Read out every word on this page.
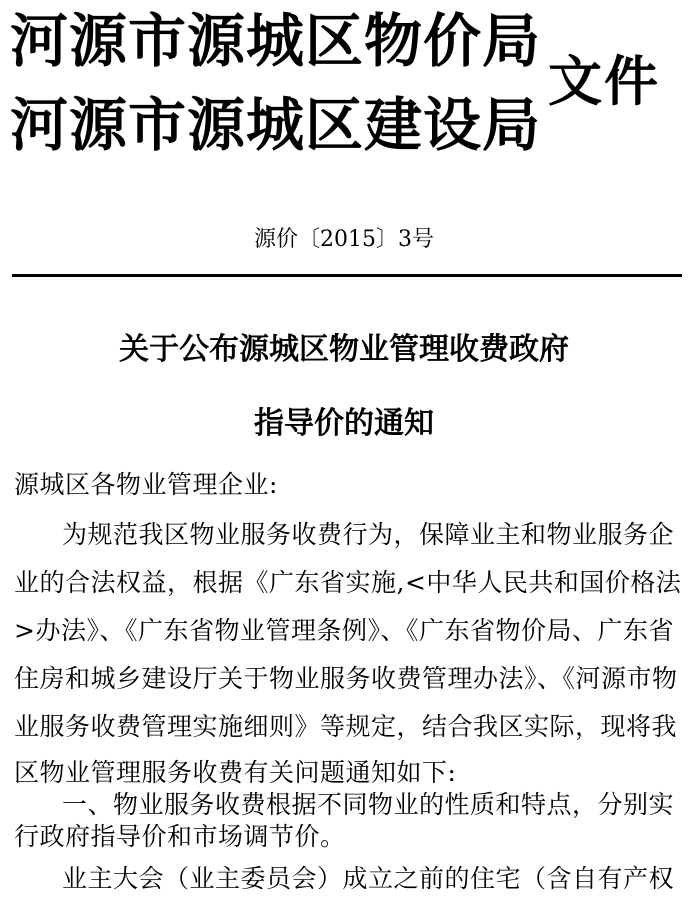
河源市源城区物价局
河源市源城区建设局
文件
源价〔2015〕3号
关于公布源城区物业管理收费政府
指导价的通知
源城区各物业管理企业:
为规范我区物业服务收费行为，保障业主和物业服务企
业的合法权益，根据《广东省实施,<中华人民共和国价格法
>办法》、《广东省物业管理条例》、《广东省物价局、广东省
住房和城乡建设厅关于物业服务收费管理办法》、《河源市物
业服务收费管理实施细则》等规定，结合我区实际，现将我
区物业管理服务收费有关问题通知如下:
一、物业服务收费根据不同物业的性质和特点，分别实
行政府指导价和市场调节价。
业主大会（业主委员会）成立之前的住宅（含自有产权
